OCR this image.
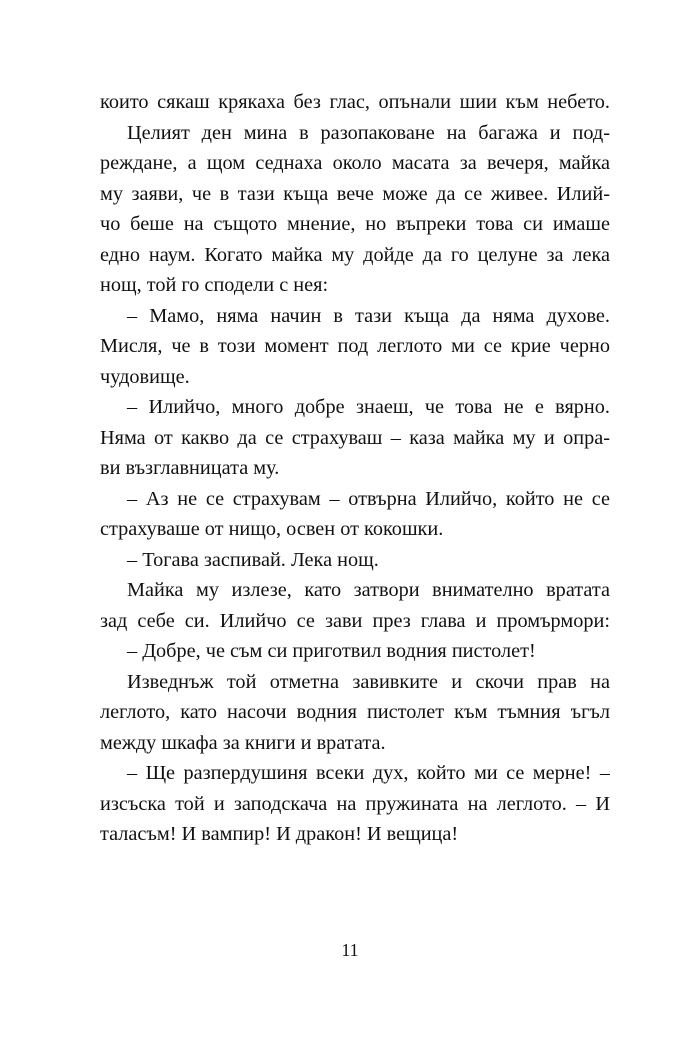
които сякаш крякаха без глас, опънали шии към небето.
Целият ден мина в разопаковане на багажа и под-
реждане, а щом седнаха около масата за вечеря, майка
му заяви, че в тази къща вече може да се живее. Илий-
чо беше на същото мнение, но въпреки това си имаше
едно наум. Когато майка му дойде да го целуне за лека
нощ, той го сподели с нея:
– Мамо, няма начин в тази къща да няма духове.
Мисля, че в този момент под леглото ми се крие черно
чудовище.
– Илийчо, много добре знаеш, че това не е вярно.
Няма от какво да се страхуваш – каза майка му и опра-
ви възглавницата му.
– Аз не се страхувам – отвърна Илийчо, който не се
страхуваше от нищо, освен от кокошки.
– Тогава заспивай. Лека нощ.
Майка му излезе, като затвори внимателно вратата
зад себе си. Илийчо се зави през глава и промърмори:
– Добре, че съм си приготвил водния пистолет!
Изведнъж той отметна завивките и скочи прав на
леглото, като насочи водния пистолет към тъмния ъгъл
между шкафа за книги и вратата.
– Ще разпердушиня всеки дух, който ми се мерне! –
изсъска той и заподскача на пружината на леглото. – И
таласъм! И вампир! И дракон! И вещица!
11
